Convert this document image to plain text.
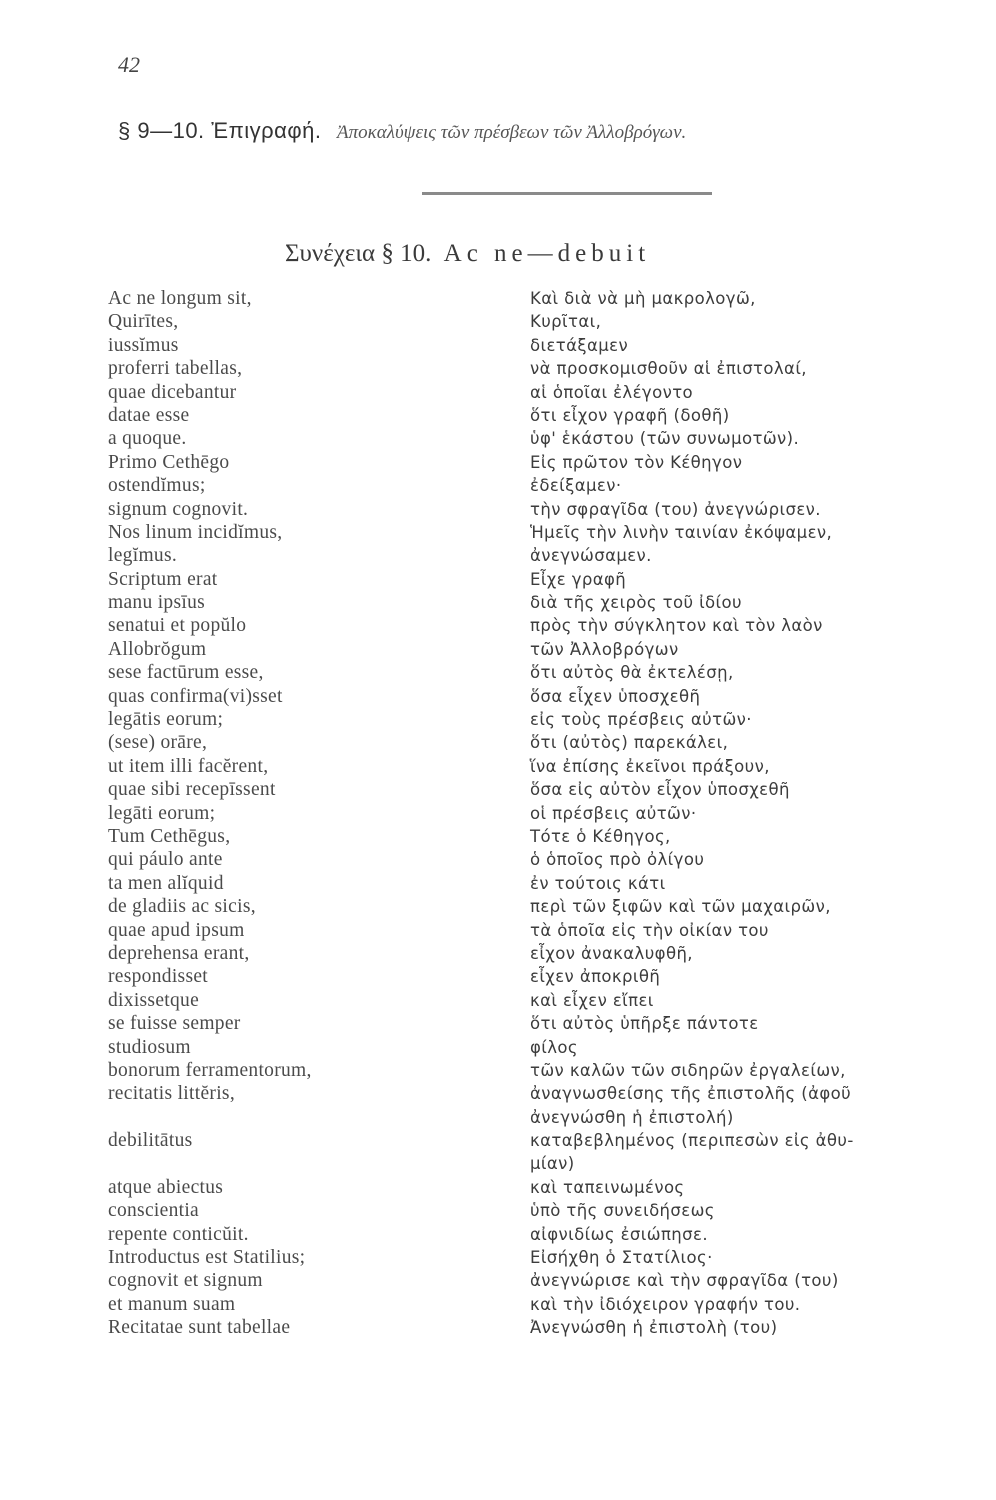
42
§ 9—10. Ἐπιγραφή. Ἀποκαλύψεις τῶν πρέσβεων τῶν Ἀλλοβρόγων.
Συνέχεια § 10. Ac ne—debuit
Ac ne longum sit,
Quirītes,
iussĭmus
proferri tabellas,
quae dicebantur
datae esse
a quoque.
Primo Cethēgo
ostendĭmus;
signum cognovit.
Nos linum incidĭmus,
legĭmus.
Scriptum erat
manu ipsīus
senatui et popŭlo
Allobrŏgum
sese factūrum esse,
quas confirma(vi)sset
legātis eorum;
(sese) orāre,
ut item illi facĕrent,
quae sibi recepīssent
legāti eorum;
Tum Cethēgus,
qui páulo ante
ta men alĭquid
de gladiis ac sicis,
quae apud ipsum
deprehensa erant,
respondisset
dixissetque
se fuisse semper
studiosum
bonorum ferramentorum,
recitatis littĕris,
debilitātus
atque abiectus
conscientia
repente conticŭit.
Introductus est Statilius;
cognovit et signum
et manum suam
Recitatae sunt tabellae
Καὶ διὰ νὰ μὴ μακρολογῶ,
Κυρῖται,
διετάξαμεν
νὰ προσκομισθοῦν αἱ ἐπιστολαί,
αἱ ὁποῖαι ἐλέγοντο
ὅτι εἶχον γραφῆ (δοθῆ)
ὑφ' ἑκάστου (τῶν συνωμοτῶν).
Εἰς πρῶτον τὸν Κέθηγον
ἐδείξαμεν·
τὴν σφραγῖδα (του) ἀνεγνώρισεν.
Ἡμεῖς τὴν λινὴν ταινίαν ἐκόψαμεν,
ἀνεγνώσαμεν.
Εἶχε γραφῆ
διὰ τῆς χειρὸς τοῦ ἰδίου
πρὸς τὴν σύγκλητον καὶ τὸν λαὸν
τῶν Ἀλλοβρόγων
ὅτι αὐτὸς θὰ ἐκτελέσῃ,
ὅσα εἶχεν ὑποσχεθῆ
εἰς τοὺς πρέσβεις αὐτῶν·
ὅτι (αὐτὸς) παρεκάλει,
ἵνα ἐπίσης ἐκεῖνοι πράξουν,
ὅσα εἰς αὐτὸν εἶχον ὑποσχεθῆ
οἱ πρέσβεις αὐτῶν·
Τότε ὁ Κέθηγος,
ὁ ὁποῖος πρὸ ὀλίγου
ἐν τούτοις κάτι
περὶ τῶν ξιφῶν καὶ τῶν μαχαιρῶν,
τὰ ὁποῖα εἰς τὴν οἰκίαν του
εἶχον ἀνακαλυφθῆ,
εἶχεν ἀποκριθῆ
καὶ εἶχεν εἴπει
ὅτι αὐτὸς ὑπῆρξε πάντοτε
φίλος
τῶν καλῶν τῶν σιδηρῶν ἐργαλείων,
ἀναγνωσθείσης τῆς ἐπιστολῆς (ἀφοῦ
ἀνεγνώσθη ἡ ἐπιστολή)
καταβεβλημένος (περιπεσὼν εἰς ἀθυ-
μίαν)
καὶ ταπεινωμένος
ὑπὸ τῆς συνειδήσεως
αἰφνιδίως ἐσιώπησε.
Εἰσήχθη ὁ Στατίλιος·
ἀνεγνώρισε καὶ τὴν σφραγῖδα (του)
καὶ τὴν ἰδιόχειρον γραφήν του.
Ἀνεγνώσθη ἡ ἐπιστολὴ (του)
